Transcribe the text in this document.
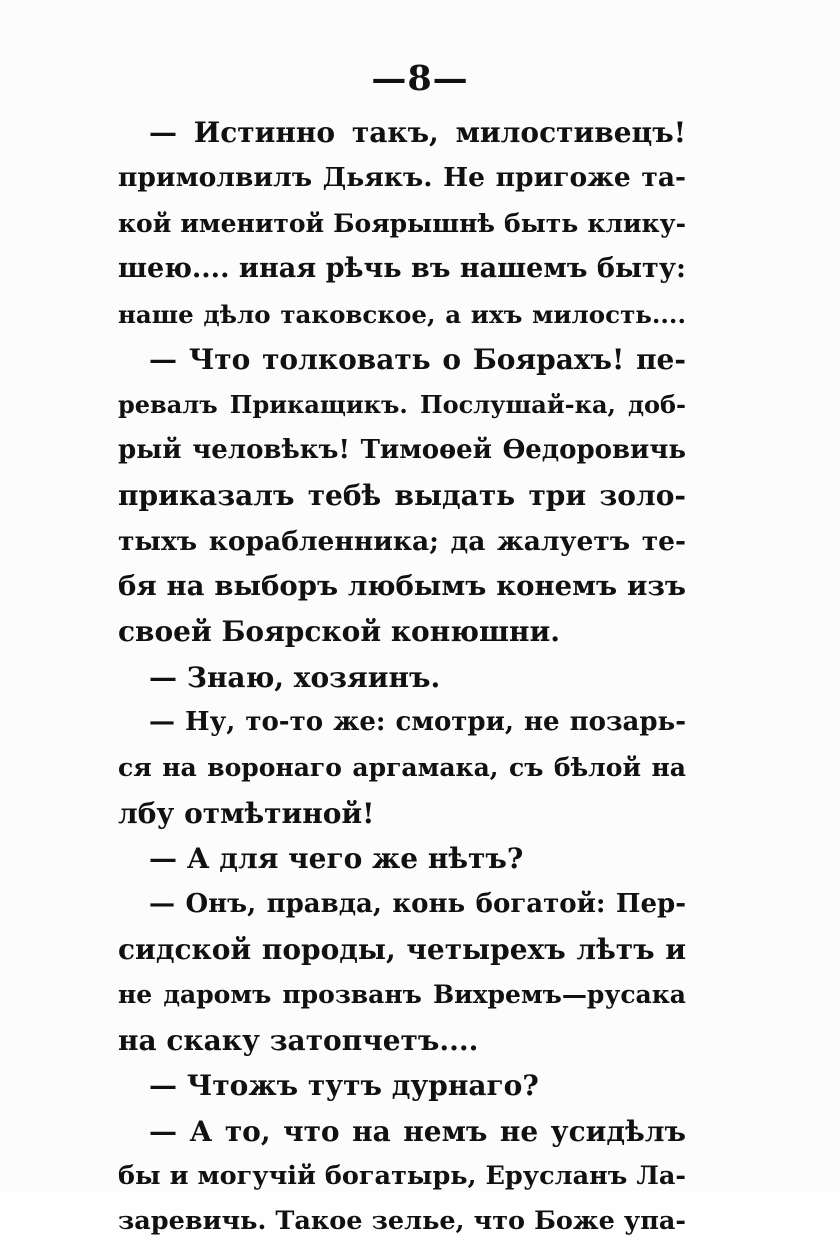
—8—
— Истинно такъ, милостивецъ!
примолвилъ Дьякъ. Не пригоже та-
кой именитой Боярышнѣ быть клику-
шею.... иная рѣчь въ нашемъ быту:
наше дѣло таковское, а ихъ милость....
— Что толковать о Боярахъ! пе-
ревалъ Прикащикъ. Послушай-ка, доб-
рый человѣкъ! Тимоѳей Ѳедоровичь
приказалъ тебѣ выдать три золо-
тыхъ корабленника; да жалуетъ те-
бя на выборъ любымъ конемъ изъ
своей Боярской конюшни.
— Знаю, хозяинъ.
— Ну, то-то же: смотри, не позарь-
ся на воронаго аргамака, съ бѣлой на
лбу отмѣтиной!
— А для чего же нѣтъ?
— Онъ, правда, конь богатой: Пер-
сидской породы, четырехъ лѣтъ и
не даромъ прозванъ Вихремъ—русака
на скаку затопчетъ....
— Чтожъ тутъ дурнаго?
— А то, что на немъ не усидѣлъ
бы и могучій богатырь, Ерусланъ Ла-
заревичь. Такое зелье, что Боже упа-
